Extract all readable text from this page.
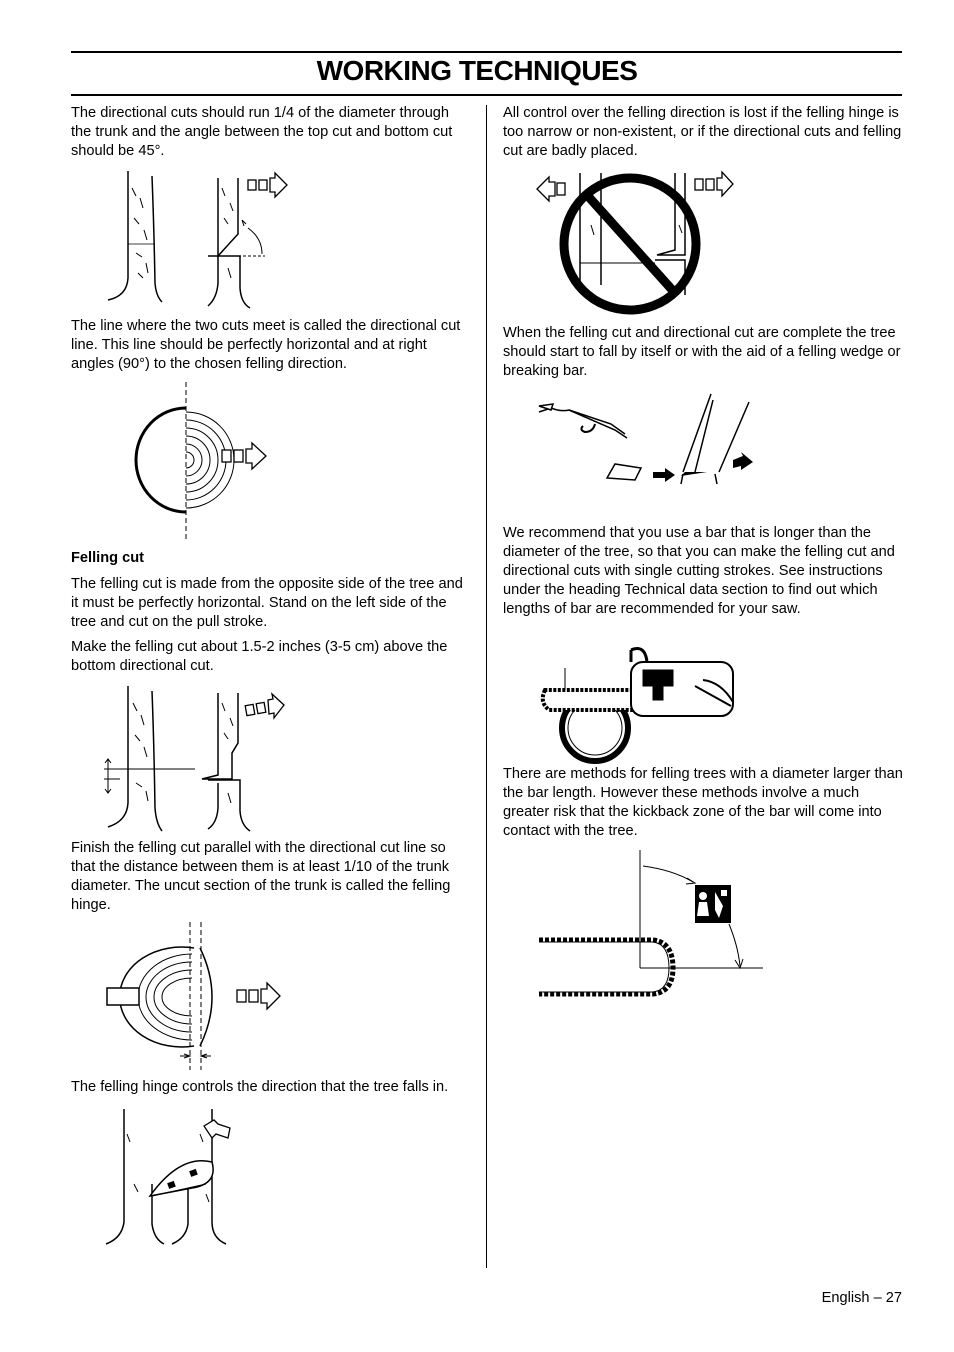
WORKING TECHNIQUES

The directional cuts should run 1/4 of the diameter through the trunk and the angle between the top cut and bottom cut should be 45°.

The line where the two cuts meet is called the directional cut line. This line should be perfectly horizontal and at right angles (90°) to the chosen felling direction.

Felling cut

The felling cut is made from the opposite side of the tree and it must be perfectly horizontal. Stand on the left side of the tree and cut on the pull stroke.

Make the felling cut about 1.5-2 inches (3-5 cm) above the bottom directional cut.

Finish the felling cut parallel with the directional cut line so that the distance between them is at least 1/10 of the trunk diameter. The uncut section of the trunk is called the felling hinge.

The felling hinge controls the direction that the tree falls in.

All control over the felling direction is lost if the felling hinge is too narrow or non-existent, or if the directional cuts and felling cut are badly placed.

When the felling cut and directional cut are complete the tree should start to fall by itself or with the aid of a felling wedge or breaking bar.

We recommend that you use a bar that is longer than the diameter of the tree, so that you can make the felling cut and directional cuts with single cutting strokes. See instructions under the heading Technical data section to find out which lengths of bar are recommended for your saw.

There are methods for felling trees with a diameter larger than the bar length. However these methods involve a much greater risk that the kickback zone of the bar will come into contact with the tree.

English – 27
